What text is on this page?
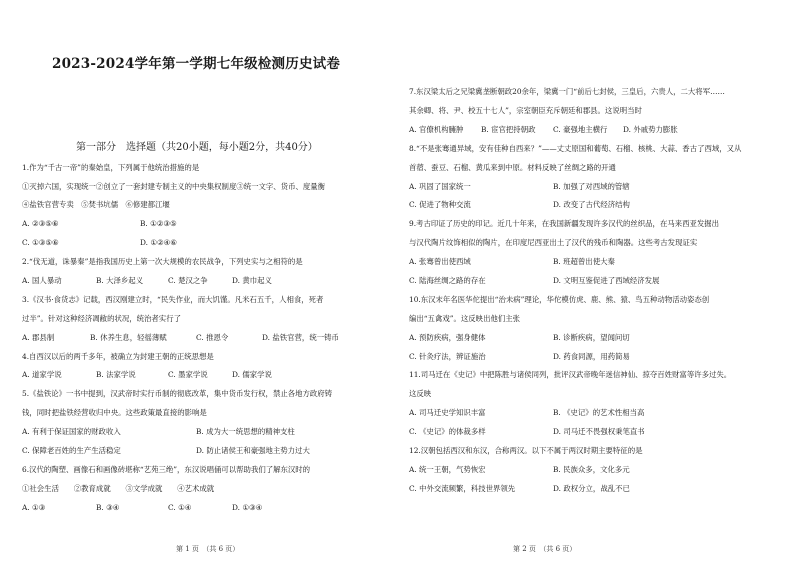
2023-2024学年第一学期七年级检测历史试卷
第一部分　选择题（共20小题，每小题2分，共40分）
1.作为“千古一帝”的秦始皇，下列属于他统治措施的是
①灭掉六国，实现统一②创立了一套封建专制主义的中央集权制度③统一文字、货币、度量衡
④盐铁官营专卖　⑤焚书坑儒　⑥修建都江堰
A. ②③⑤⑥	B. ①②③⑤
C. ①③⑤⑥	D. ①②④⑥
2.“伐无道，诛暴秦”是指我国历史上第一次大规模的农民战争，下列史实与之相符的是
A. 国人暴动	B. 大泽乡起义	C. 楚汉之争	D. 黄巾起义
3.《汉书·食货志》记载，西汉刚建立时，“民失作业，而大饥馑。凡米石五千，人相食，死者
过半”。针对这种经济凋敝的状况，统治者实行了
A. 郡县制	B. 休养生息，轻徭薄赋	C. 推恩令	D. 盐铁官营，统一铸币
4.自西汉以后的两千多年，被确立为封建王朝的正统思想是
A. 道家学说	B. 法家学说	C. 墨家学说	D. 儒家学说
5.《盐铁论》一书中提到，汉武帝时实行币制的彻底改革，集中货币发行权，禁止各地方政府铸
钱，同时把盐铁经营收归中央。这些政策最直接的影响是
A. 有利于保证国家的财政收入	B. 成为大一统思想的精神支柱
C. 保障老百姓的生产生活稳定	D. 防止诸侯王和豪强地主势力过大
6.汉代的陶塑、画像石和画像砖堪称“艺苑三绝”，东汉说唱俑可以帮助我们了解东汉时的
①社会生活　　②教育成就　　③文学成就　　④艺术成就
A. ①③	B. ③④	C. ①④	D. ①③④
第 1 页　（共 6 页）
7.东汉梁太后之兄梁冀垄断朝政20余年，梁冀一门“前后七封侯，三皇后，六贵人，二大将军……
其余卿、将、尹、校五十七人”，宗室朝臣充斥朝廷和郡县。这说明当时
A. 官僚机构臃肿 B. 宦官把持朝政 C. 豪强地主横行 D. 外戚势力膨胀
8.“不是张骞通异域，安有佳种自西来？”——丈丈原国和葡萄、石榴、核桃、大蒜、香古了西域，又从
首蓿、蚕豆、石榴、黄瓜来到中原。材料反映了丝绸之路的开通
A. 巩固了国家统一	B. 加强了对西域的管辖
C. 促进了物种交流	D. 改变了古代经济结构
9.考古印证了历史的印记。近几十年来，在我国新疆发现许多汉代的丝织品，在马来西亚发掘出
与汉代陶片纹饰相似的陶片，在印度尼西亚出土了汉代的残币和陶器。这些考古发现证实
A. 张骞曾出使西域	B. 班超曾出使大秦
C. 陆海丝绸之路的存在	D. 文明互鉴促进了西域经济发展
10.东汉末年名医华佗提出“治未病”理论，华佗模仿虎、鹿、熊、猿、鸟五种动物活动姿态创
编出“五禽戏”。这反映出他们主张
A. 预防疾病，强身健体	B. 诊断疾病，望闻问切
C. 针灸疗法，辨证施治	D. 药食同源，用药简易
11.司马迁在《史记》中把陈胜与诸侯同列，批评汉武帝晚年迷信神仙、掠夺百姓财富等许多过失。
这反映
A. 司马迁史学知识丰富	B. 《史记》的艺术性相当高
C. 《史记》的体裁多样	D. 司马迁不畏强权秉笔直书
12.汉朝包括西汉和东汉，合称两汉。以下不属于两汉时期主要特征的是
A. 统一王朝，气势恢宏	B. 民族众多，文化多元
C. 中外交流频繁，科技世界领先	D. 政权分立，战乱不已
第 2 页　（共 6 页）
